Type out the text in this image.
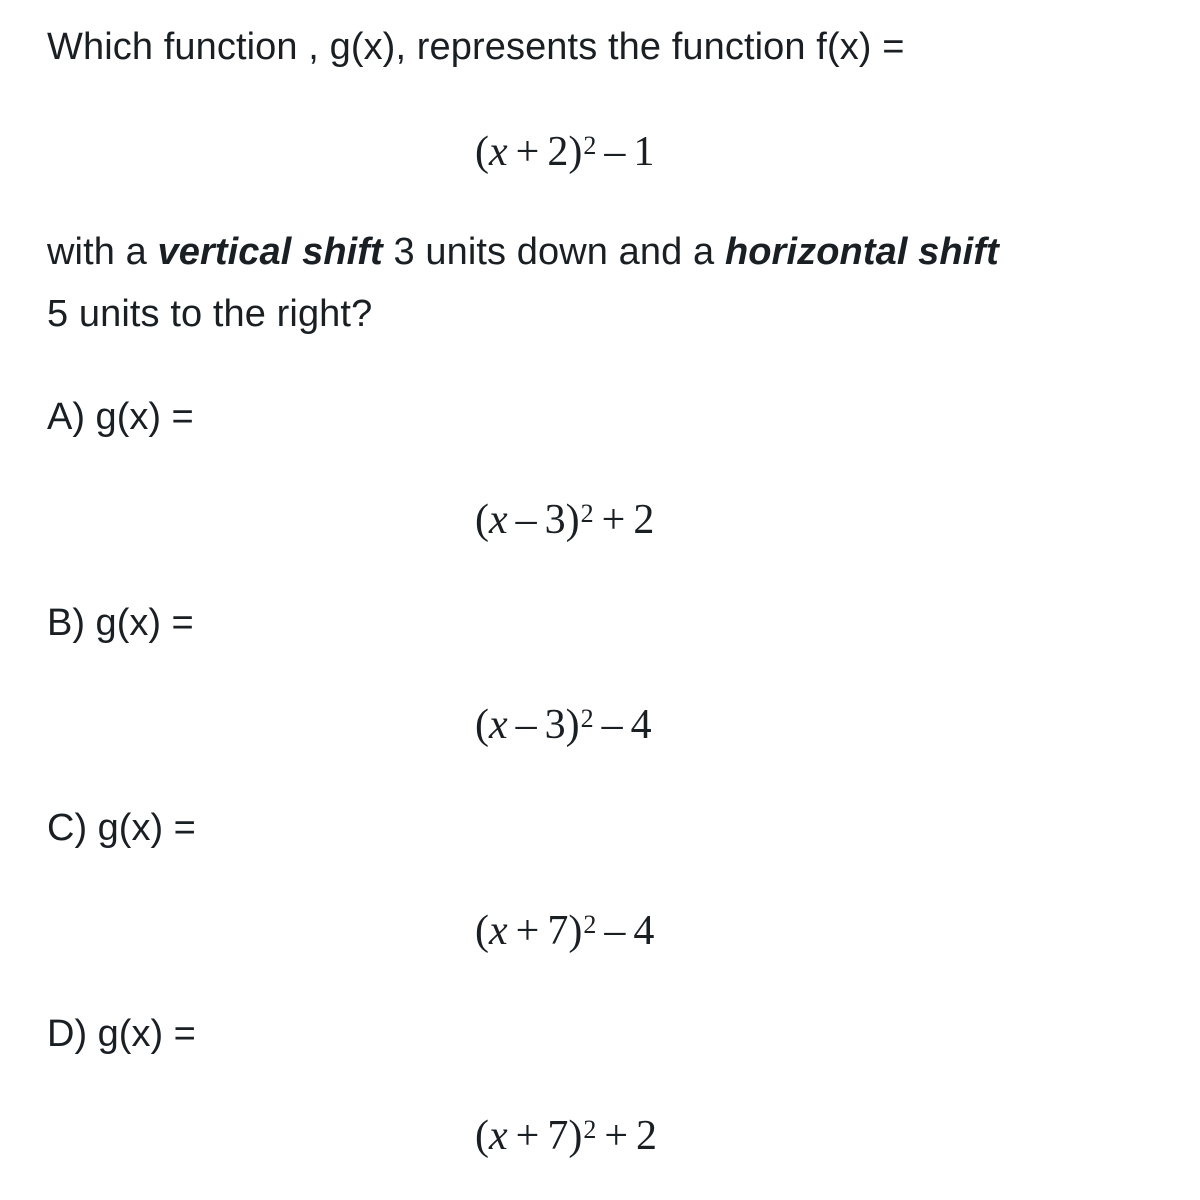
Which function , g(x), represents the function f(x) =
$(x + 2)^2 - 1$
with a vertical shift 3 units down and a horizontal shift
5 units to the right?
A) g(x) =
(x – 3)$^2$ + 2
B) g(x) =
(x – 3)$^2$ – 4
C) g(x) =
$(x + 7)^2 - 4$
D) g(x) =
$(x + 7)^2 + 2$
